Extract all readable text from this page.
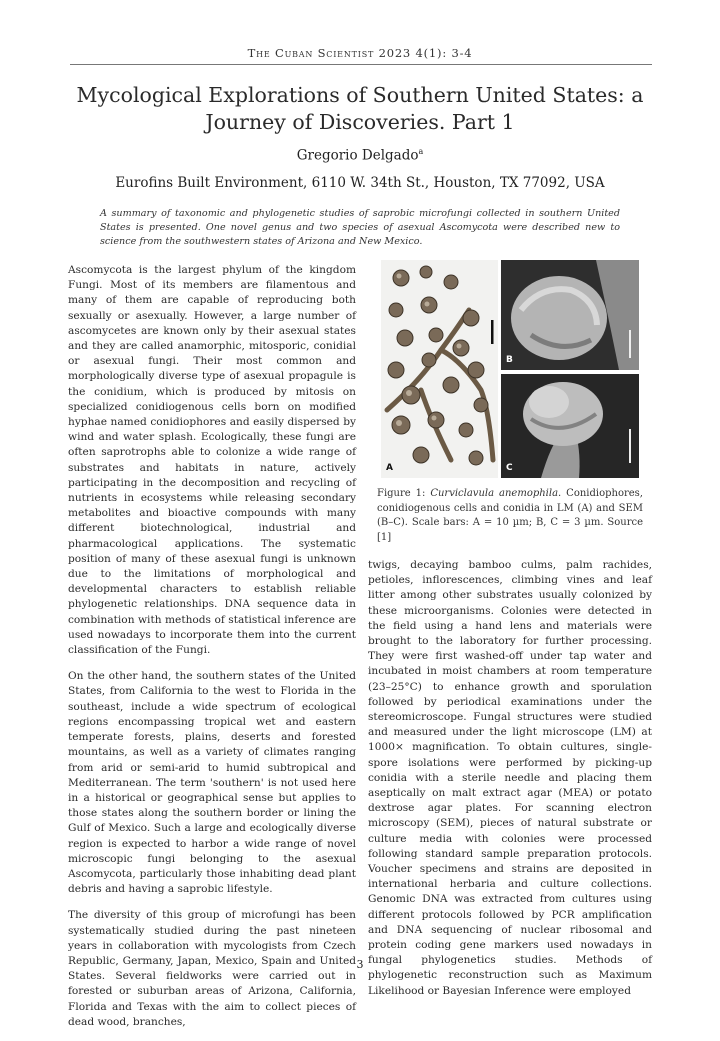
The Cuban Scientist 2023 4(1): 3-4
Mycological Explorations of Southern United States: a Journey of Discoveries. Part 1
Gregorio Delgado$^a$
Eurofins Built Environment, 6110 W. 34th St., Houston, TX 77092, USA
A summary of taxonomic and phylogenetic studies of saprobic microfungi collected in southern United States is presented. One novel genus and two species of asexual Ascomycota were described new to science from the southwestern states of Arizona and New Mexico.

Ascomycota is the largest phylum of the kingdom Fungi. Most of its members are filamentous and many of them are capable of reproducing both sexually or asexually. However, a large number of ascomycetes are known only by their asexual states and they are called anamorphic, mitosporic, conidial or asexual fungi. Their most common and morphologically diverse type of asexual propagule is the conidium, which is produced by mitosis on specialized conidiogenous cells born on modified hyphae named conidiophores and easily dispersed by wind and water splash. Ecologically, these fungi are often saprotrophs able to colonize a wide range of substrates and habitats in nature, actively participating in the decomposition and recycling of nutrients in ecosystems while releasing secondary metabolites and bioactive compounds with many different biotechnological, industrial and pharmacological applications. The systematic position of many of these asexual fungi is unknown due to the limitations of morphological and developmental characters to establish reliable phylogenetic relationships. DNA sequence data in combination with methods of statistical inference are used nowadays to incorporate them into the current classification of the Fungi.

On the other hand, the southern states of the United States, from California to the west to Florida in the southeast, include a wide spectrum of ecological regions encompassing tropical wet and eastern temperate forests, plains, deserts and forested mountains, as well as a variety of climates ranging from arid or semi-arid to humid subtropical and Mediterranean. The term 'southern' is not used here in a historical or geographical sense but applies to those states along the southern border or lining the Gulf of Mexico. Such a large and ecologically diverse region is expected to harbor a wide range of novel microscopic fungi belonging to the asexual Ascomycota, particularly those inhabiting dead plant debris and having a saprobic lifestyle.

The diversity of this group of microfungi has been systematically studied during the past nineteen years in collaboration with mycologists from Czech Republic, Germany, Japan, Mexico, Spain and United States. Several fieldworks were carried out in forested or suburban areas of Arizona, California, Florida and Texas with the aim to collect pieces of dead wood, branches,

A
B
C
Figure 1: Curviclavula anemophila. Conidiophores, conidiogenous cells and conidia in LM (A) and SEM (B–C). Scale bars: A = 10 µm; B, C = 3 µm. Source [1]

twigs, decaying bamboo culms, palm rachides, petioles, inflorescences, climbing vines and leaf litter among other substrates usually colonized by these microorganisms. Colonies were detected in the field using a hand lens and materials were brought to the laboratory for further processing. They were first washed-off under tap water and incubated in moist chambers at room temperature (23–25°C) to enhance growth and sporulation followed by periodical examinations under the stereomicroscope. Fungal structures were studied and measured under the light microscope (LM) at 1000× magnification. To obtain cultures, single-spore isolations were performed by picking-up conidia with a sterile needle and placing them aseptically on malt extract agar (MEA) or potato dextrose agar plates. For scanning electron microscopy (SEM), pieces of natural substrate or culture media with colonies were processed following standard sample preparation protocols. Voucher specimens and strains are deposited in international herbaria and culture collections. Genomic DNA was extracted from cultures using different protocols followed by PCR amplification and DNA sequencing of nuclear ribosomal and protein coding gene markers used nowadays in fungal phylogenetics studies. Methods of phylogenetic reconstruction such as Maximum Likelihood or Bayesian Inference were employed

3
